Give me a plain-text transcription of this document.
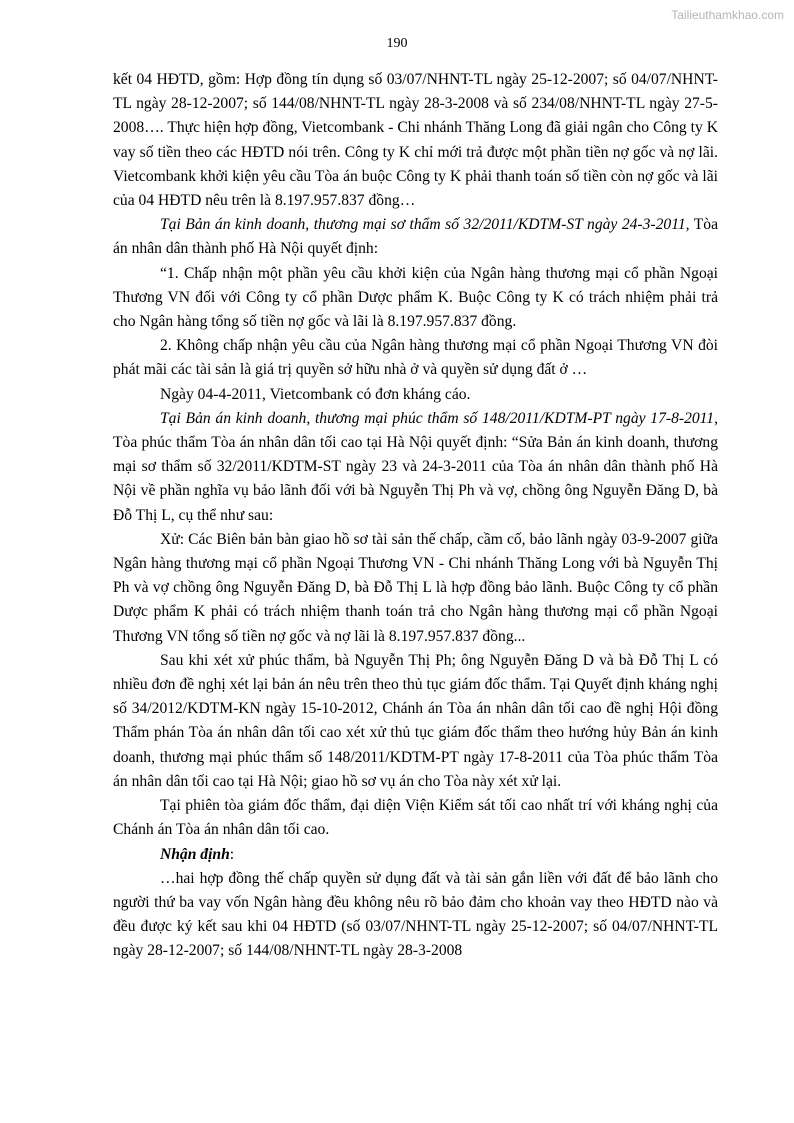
Tailieuthamkhao.com
190

kết 04 HĐTD, gồm: Hợp đồng tín dụng số 03/07/NHNT-TL ngày 25-12-2007; số 04/07/NHNT-TL ngày 28-12-2007; số 144/08/NHNT-TL ngày 28-3-2008 và số 234/08/NHNT-TL ngày 27-5-2008…. Thực hiện hợp đồng, Vietcombank - Chi nhánh Thăng Long đã giải ngân cho Công ty K vay số tiền theo các HĐTD nói trên. Công ty K chỉ mới trả được một phần tiền nợ gốc và nợ lãi. Vietcombank khởi kiện yêu cầu Tòa án buộc Công ty K phải thanh toán số tiền còn nợ gốc và lãi của 04 HĐTD nêu trên là 8.197.957.837 đồng…

Tại Bản án kinh doanh, thương mại sơ thẩm số 32/2011/KDTM-ST ngày 24-3-2011, Tòa án nhân dân thành phố Hà Nội quyết định:

“1. Chấp nhận một phần yêu cầu khởi kiện của Ngân hàng thương mại cổ phần Ngoại Thương VN đối với Công ty cổ phần Dược phẩm K. Buộc Công ty K có trách nhiệm phải trả cho Ngân hàng tổng số tiền nợ gốc và lãi là 8.197.957.837 đồng.

2. Không chấp nhận yêu cầu của Ngân hàng thương mại cổ phần Ngoại Thương VN đòi phát mãi các tài sản là giá trị quyền sở hữu nhà ở và quyền sử dụng đất ở …

Ngày 04-4-2011, Vietcombank có đơn kháng cáo.

Tại Bản án kinh doanh, thương mại phúc thẩm số 148/2011/KDTM-PT ngày 17-8-2011, Tòa phúc thẩm Tòa án nhân dân tối cao tại Hà Nội quyết định: “Sửa Bản án kinh doanh, thương mại sơ thẩm số 32/2011/KDTM-ST ngày 23 và 24-3-2011 của Tòa án nhân dân thành phố Hà Nội về phần nghĩa vụ bảo lãnh đối với bà Nguyễn Thị Ph và vợ, chồng ông Nguyễn Đăng D, bà Đỗ Thị L, cụ thể như sau:

Xử: Các Biên bản bàn giao hồ sơ tài sản thế chấp, cầm cố, bảo lãnh ngày 03-9-2007 giữa Ngân hàng thương mại cổ phần Ngoại Thương VN - Chi nhánh Thăng Long với bà Nguyễn Thị Ph và vợ chồng ông Nguyễn Đăng D, bà Đỗ Thị L là hợp đồng bảo lãnh. Buộc Công ty cổ phần Dược phẩm K phải có trách nhiệm thanh toán trả cho Ngân hàng thương mại cổ phần Ngoại Thương VN tổng số tiền nợ gốc và nợ lãi là 8.197.957.837 đồng...

Sau khi xét xử phúc thẩm, bà Nguyễn Thị Ph; ông Nguyễn Đăng D và bà Đỗ Thị L có nhiều đơn đề nghị xét lại bản án nêu trên theo thủ tục giám đốc thẩm. Tại Quyết định kháng nghị số 34/2012/KDTM-KN ngày 15-10-2012, Chánh án Tòa án nhân dân tối cao đề nghị Hội đồng Thẩm phán Tòa án nhân dân tối cao xét xử thủ tục giám đốc thẩm theo hướng hủy Bản án kinh doanh, thương mại phúc thẩm số 148/2011/KDTM-PT ngày 17-8-2011 của Tòa phúc thẩm Tòa án nhân dân tối cao tại Hà Nội; giao hồ sơ vụ án cho Tòa này xét xử lại.

Tại phiên tòa giám đốc thẩm, đại diện Viện Kiểm sát tối cao nhất trí với kháng nghị của Chánh án Tòa án nhân dân tối cao.

Nhận định:

…hai hợp đồng thế chấp quyền sử dụng đất và tài sản gắn liền với đất để bảo lãnh cho người thứ ba vay vốn Ngân hàng đều không nêu rõ bảo đảm cho khoản vay theo HĐTD nào và đều được ký kết sau khi 04 HĐTD (số 03/07/NHNT-TL ngày 25-12-2007; số 04/07/NHNT-TL ngày 28-12-2007; số 144/08/NHNT-TL ngày 28-3-2008
